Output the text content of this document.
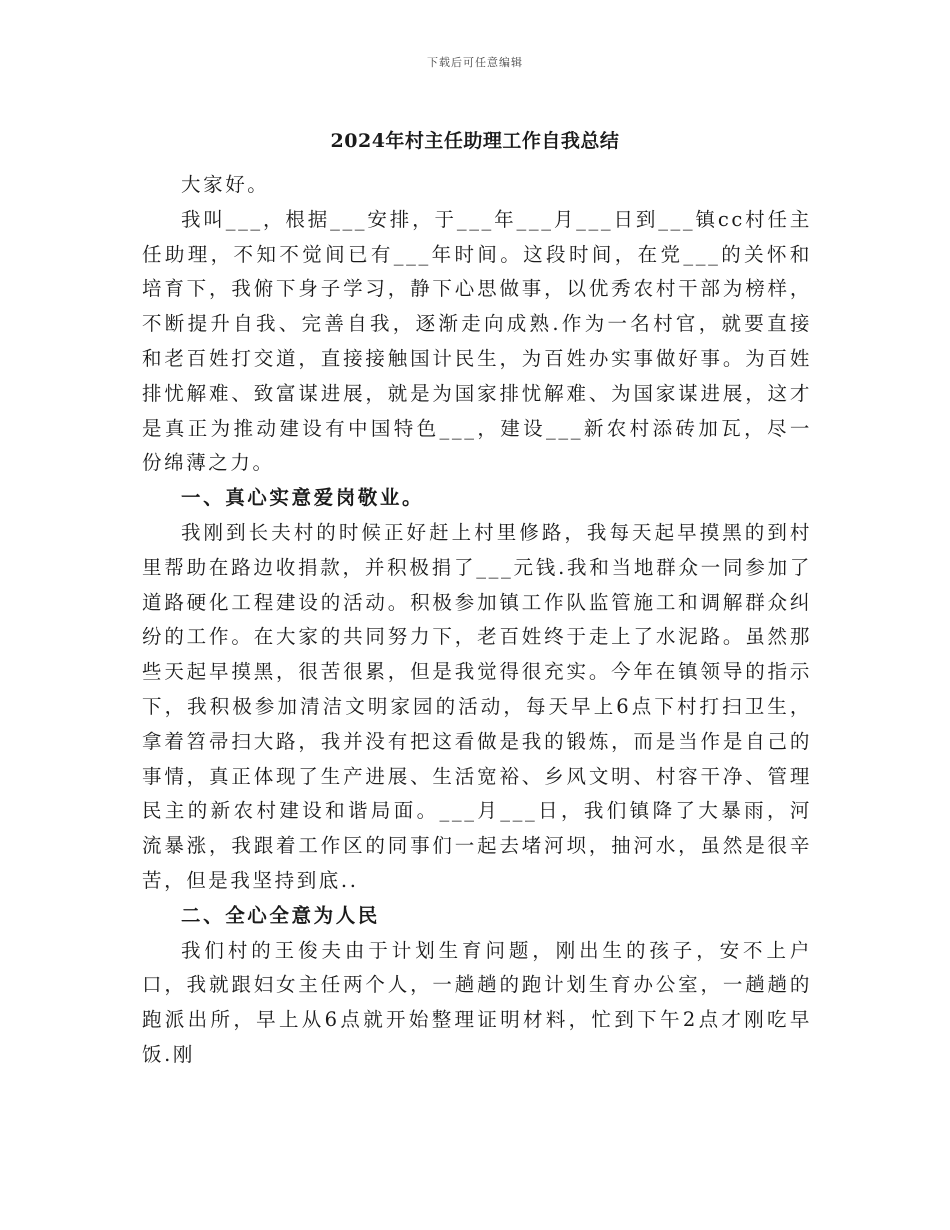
下载后可任意编辑
2024年村主任助理工作自我总结

大家好。

我叫___，根据___安排，于___年___月___日到___镇cc村任主任助理，不知不觉间已有___年时间。这段时间，在党___的关怀和培育下，我俯下身子学习，静下心思做事，以优秀农村干部为榜样，不断提升自我、完善自我，逐渐走向成熟.作为一名村官，就要直接和老百姓打交道，直接接触国计民生，为百姓办实事做好事。为百姓排忧解难、致富谋进展，就是为国家排忧解难、为国家谋进展，这才是真正为推动建设有中国特色___，建设___新农村添砖加瓦，尽一份绵薄之力。

一、真心实意爱岗敬业。

我刚到长夫村的时候正好赶上村里修路，我每天起早摸黑的到村里帮助在路边收捐款，并积极捐了___元钱.我和当地群众一同参加了道路硬化工程建设的活动。积极参加镇工作队监管施工和调解群众纠纷的工作。在大家的共同努力下，老百姓终于走上了水泥路。虽然那些天起早摸黑，很苦很累，但是我觉得很充实。今年在镇领导的指示下，我积极参加清洁文明家园的活动，每天早上6点下村打扫卫生，拿着笤帚扫大路，我并没有把这看做是我的锻炼，而是当作是自己的事情，真正体现了生产进展、生活宽裕、乡风文明、村容干净、管理民主的新农村建设和谐局面。___月___日，我们镇降了大暴雨，河流暴涨，我跟着工作区的同事们一起去堵河坝，抽河水，虽然是很辛苦，但是我坚持到底..

二、全心全意为人民

我们村的王俊夫由于计划生育问题，刚出生的孩子，安不上户口，我就跟妇女主任两个人，一趟趟的跑计划生育办公室，一趟趟的跑派出所，早上从6点就开始整理证明材料，忙到下午2点才刚吃早饭.刚
